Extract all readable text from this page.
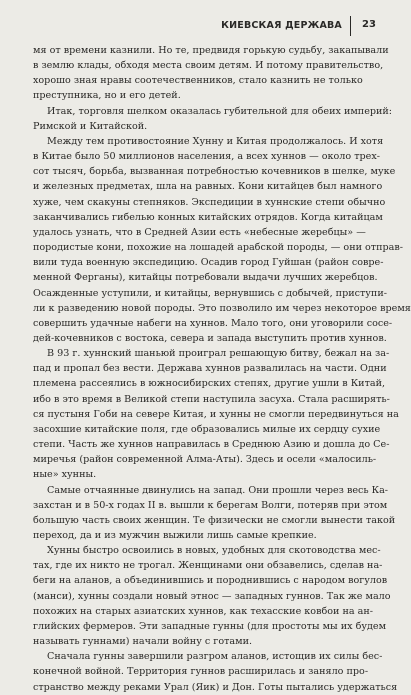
КИЕВСКАЯ ДЕРЖАВА 23
мя от времени казнили. Но те, предвидя горькую судьбу, закапывали
в землю клады, обходя места своим детям. И потому правительство,
хорошо зная нравы соотечественников, стало казнить не только
преступника, но и его детей.
Итак, торговля шелком оказалась губительной для обеих империй:
Римской и Китайской.
Между тем противостояние Хунну и Китая продолжалось. И хотя
в Китае было 50 миллионов населения, а всех хуннов — около трех-
сот тысяч, борьба, вызванная потребностью кочевников в шелке, муке
и железных предметах, шла на равных. Кони китайцев был намного
хуже, чем скакуны степняков. Экспедиции в хуннские степи обычно
заканчивались гибелью конных китайских отрядов. Когда китайцам
удалось узнать, что в Средней Азии есть «небесные жеребцы» —
породистые кони, похожие на лошадей арабской породы, — они отправ-
вили туда военную экспедицию. Осадив город Гуйшан (район совре-
менной Ферганы), китайцы потребовали выдачи лучших жеребцов.
Осажденные уступили, и китайцы, вернувшись с добычей, приступи-
ли к разведению новой породы. Это позволило им через некоторое время
совершить удачные набеги на хуннов. Мало того, они уговорили сосе-
дей-кочевников с востока, севера и запада выступить против хуннов.
В 93 г. хуннский шаньюй проиграл решающую битву, бежал на за-
пад и пропал без вести. Держава хуннов развалилась на части. Одни
племена рассеялись в южносибирских степях, другие ушли в Китай,
ибо в это время в Великой степи наступила засуха. Стала расширять-
ся пустыня Гоби на севере Китая, и хунны не смогли передвинуться на
засохшие китайские поля, где образовались милые их сердцу сухие
степи. Часть же хуннов направилась в Среднюю Азию и дошла до Се-
миречья (район современной Алма-Аты). Здесь и осели «малосиль-
ные» хунны.
Самые отчаянные двинулись на запад. Они прошли через весь Ка-
захстан и в 50-х годах II в. вышли к берегам Волги, потеряв при этом
большую часть своих женщин. Те физически не смогли вынести такой
переход, да и из мужчин выжили лишь самые крепкие.
Хунны быстро освоились в новых, удобных для скотоводства мес-
тах, где их никто не трогал. Женщинами они обзавелись, сделав на-
беги на аланов, а объединившись и породнившись с народом вогулов
(манси), хунны создали новый этнос — западных гуннов. Так же мало
похожих на старых азиатских хуннов, как техасские ковбои на ан-
глийских фермеров. Эти западные гунны (для простоты мы их будем
называть гуннами) начали войну с готами.
Сначала гунны завершили разгром аланов, истощив их силы бес-
конечной войной. Территория гуннов расширилась и заняло про-
странство между реками Урал (Яик) и Дон. Готы пытались удержаться
